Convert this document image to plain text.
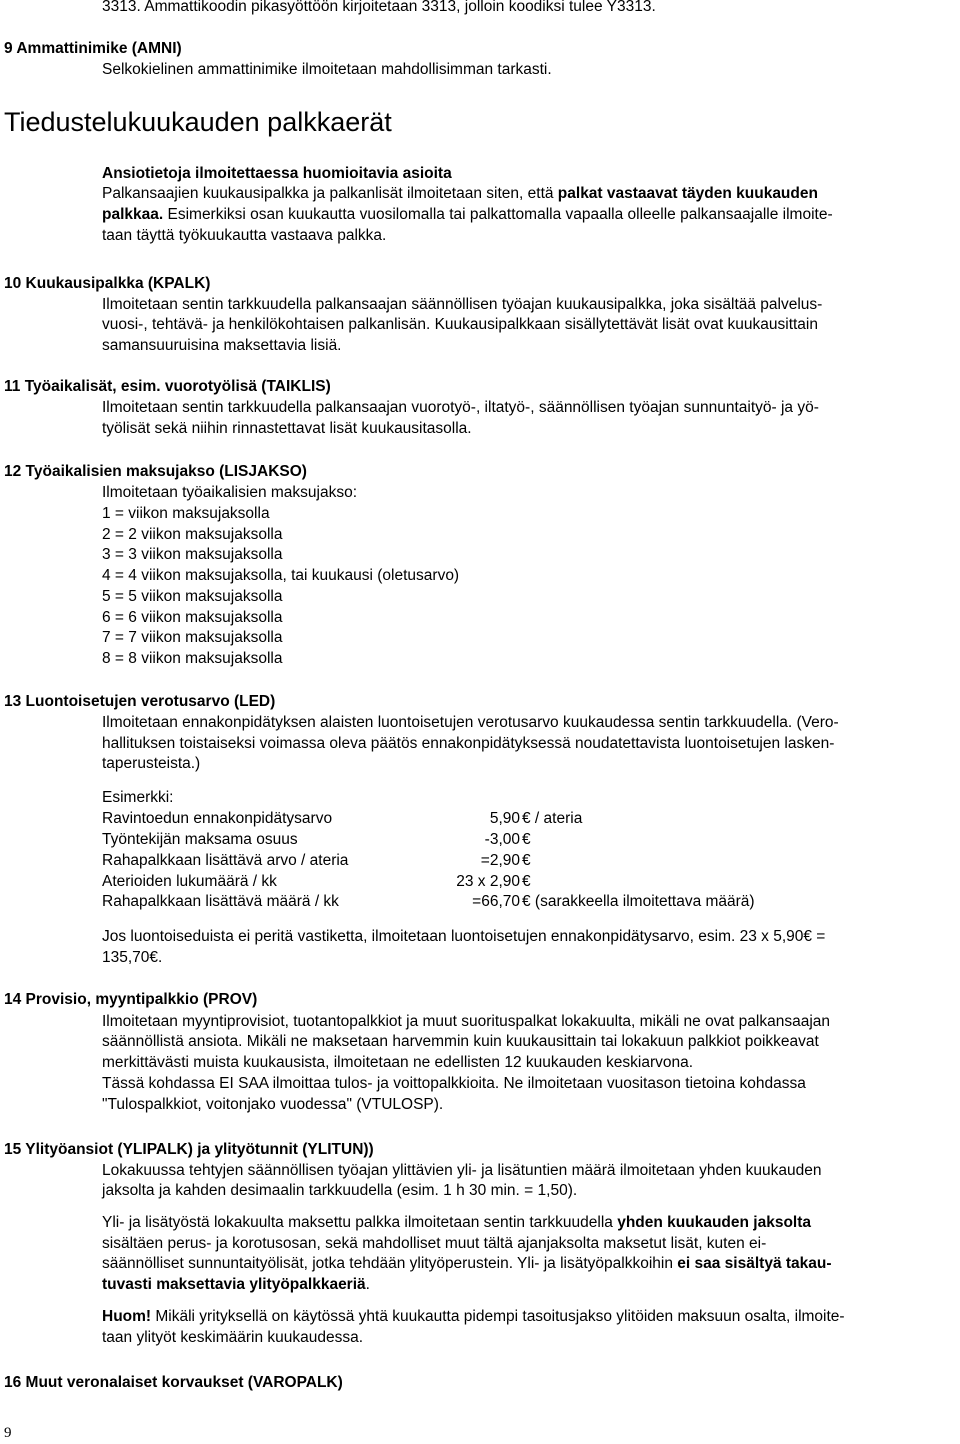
3313. Ammattikoodin pikasyöttöön kirjoitetaan 3313, jolloin koodiksi tulee Y3313.
9 Ammattinimike (AMNI)
Selkokielinen ammattinimike ilmoitetaan mahdollisimman tarkasti.
Tiedustelukuukauden palkkaerät
Ansiotietoja ilmoitettaessa huomioitavia asioita
Palkansaajien kuukausipalkka ja palkanlisät ilmoitetaan siten, että palkat vastaavat täyden kuukauden
palkkaa. Esimerkiksi osan kuukautta vuosilomalla tai palkattomalla vapaalla olleelle palkansaajalle ilmoite-
taan täyttä työkuukautta vastaava palkka.
10 Kuukausipalkka (KPALK)
Ilmoitetaan sentin tarkkuudella palkansaajan säännöllisen työajan kuukausipalkka, joka sisältää palvelus-
vuosi-, tehtävä- ja henkilökohtaisen palkanlisän. Kuukausipalkkaan sisällytettävät lisät ovat kuukausittain
samansuuruisina maksettavia lisiä.
11 Työaikalisät, esim. vuorotyölisä (TAIKLIS)
Ilmoitetaan sentin tarkkuudella palkansaajan vuorotyö-, iltatyö-, säännöllisen työajan sunnuntaityö- ja yö-
työlisät sekä niihin rinnastettavat lisät kuukausitasolla.
12 Työaikalisien maksujakso (LISJAKSO)
Ilmoitetaan työaikalisien maksujakso:
1 = viikon maksujaksolla
2 = 2 viikon maksujaksolla
3 = 3 viikon maksujaksolla
4 = 4 viikon maksujaksolla, tai kuukausi (oletusarvo)
5 = 5 viikon maksujaksolla
6 = 6 viikon maksujaksolla
7 = 7 viikon maksujaksolla
8 = 8 viikon maksujaksolla
13 Luontoisetujen verotusarvo (LED)
Ilmoitetaan ennakonpidätyksen alaisten luontoisetujen verotusarvo kuukaudessa sentin tarkkuudella. (Vero-
hallituksen toistaiseksi voimassa oleva päätös ennakonpidätyksessä noudatettavista luontoisetujen lasken-
taperusteista.)
Esimerkki:
Ravintoedun ennakonpidätysarvo	5,90 € / ateria
Työntekijän maksama osuus	-3,00 €
Rahapalkkaan lisättävä arvo / ateria	=2,90 €
Aterioiden lukumäärä / kk	23 x 2,90 €
Rahapalkkaan lisättävä määrä / kk	=66,70 € (sarakkeella ilmoitettava määrä)
Jos luontoiseduista ei peritä vastiketta, ilmoitetaan luontoisetujen ennakonpidätysarvo, esim. 23 x 5,90€ =
135,70€.
14 Provisio, myyntipalkkio (PROV)
Ilmoitetaan myyntiprovisiot, tuotantopalkkiot ja muut suorituspalkat lokakuulta, mikäli ne ovat palkansaajan
säännöllistä ansiota. Mikäli ne maksetaan harvemmin kuin kuukausittain tai lokakuun palkkiot poikkeavat
merkittävästi muista kuukausista, ilmoitetaan ne edellisten 12 kuukauden keskiarvona.
Tässä kohdassa EI SAA ilmoittaa tulos- ja voittopalkkioita. Ne ilmoitetaan vuositason tietoina kohdassa
"Tulospalkkiot, voitonjako vuodessa" (VTULOSP).
15 Ylityöansiot (YLIPALK) ja ylityötunnit (YLITUN))
Lokakuussa tehtyjen säännöllisen työajan ylittävien yli- ja lisätuntien määrä ilmoitetaan yhden kuukauden
jaksolta ja kahden desimaalin tarkkuudella (esim. 1 h 30 min. = 1,50).
Yli- ja lisätyöstä lokakuulta maksettu palkka ilmoitetaan sentin tarkkuudella yhden kuukauden jaksolta
sisältäen perus- ja korotusosan, sekä mahdolliset muut tältä ajanjaksolta maksetut lisät, kuten ei-
säännölliset sunnuntaityölisät, jotka tehdään ylityöperustein. Yli- ja lisätyöpalkkoihin ei saa sisältyä takau-
tuvasti maksettavia ylityöpalkkaeriä.
Huom! Mikäli yrityksellä on käytössä yhtä kuukautta pidempi tasoitusjakso ylitöiden maksuun osalta, ilmoite-
taan ylityöt keskimäärin kuukaudessa.
16 Muut veronalaiset korvaukset (VAROPALK)
9
